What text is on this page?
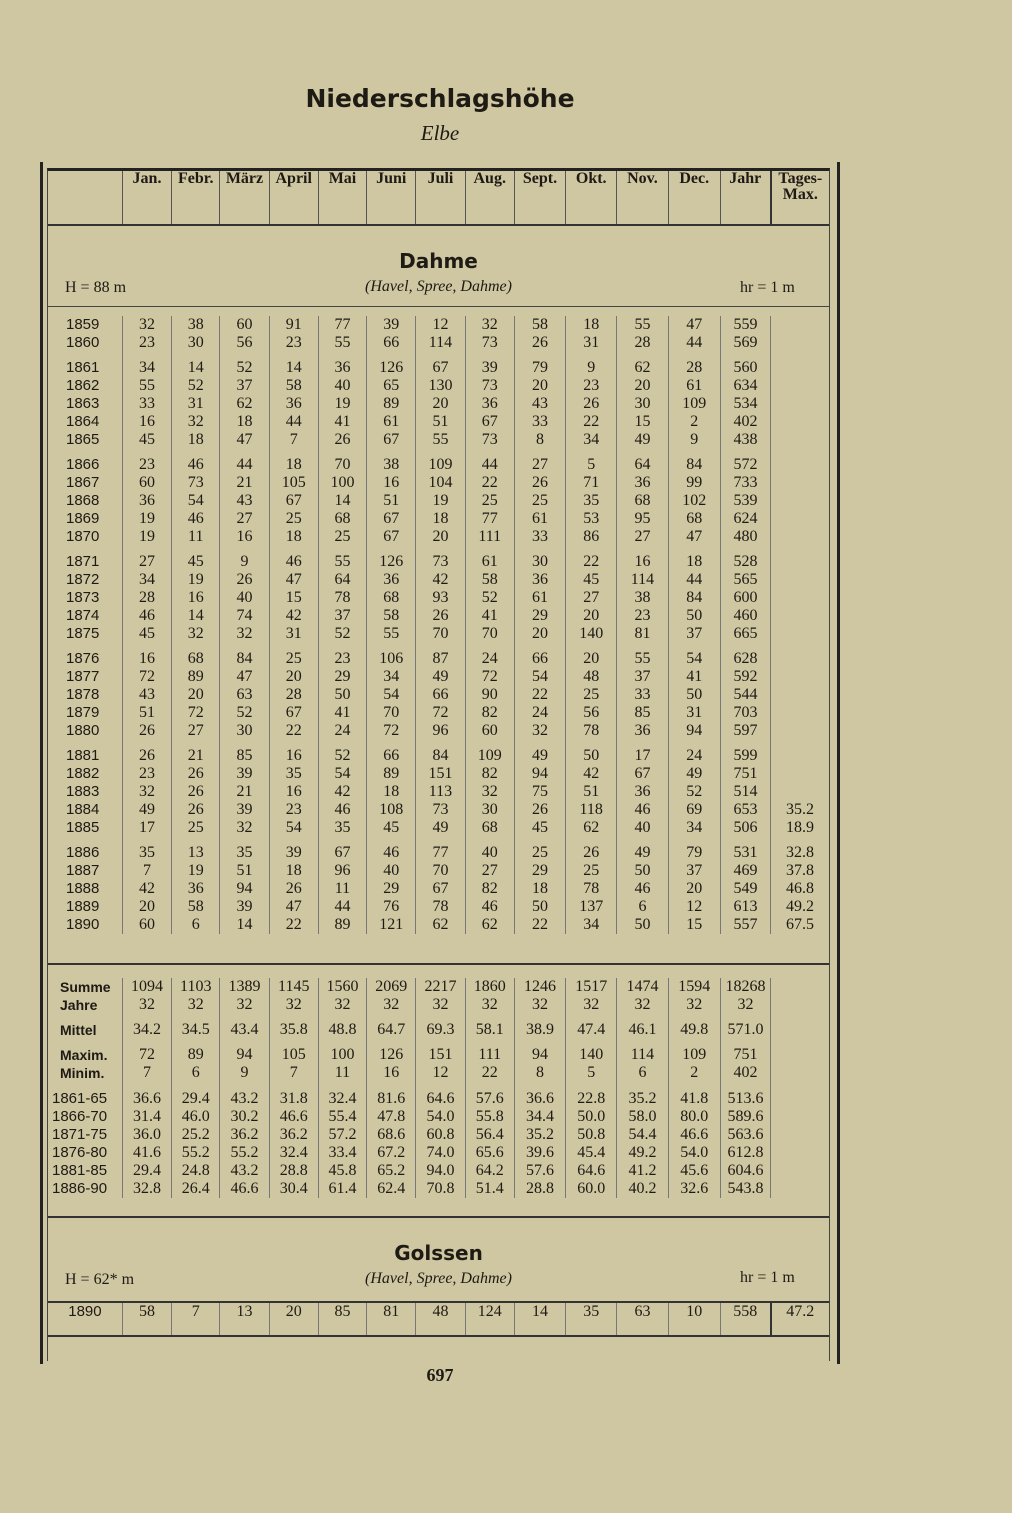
Niederschlagshöhe
Elbe
	Jan.	Febr.	März	April	Mai	Juni	Juli	Aug.	Sept.	Okt.	Nov.	Dec.	Jahr	Tages-Max.
Dahme
H = 88 m	(Havel, Spree, Dahme)	hr = 1 m
1859	32	38	60	91	77	39	12	32	58	18	55	47	559	
1860	23	30	56	23	55	66	114	73	26	31	28	44	569	
1861	34	14	52	14	36	126	67	39	79	9	62	28	560	
1862	55	52	37	58	40	65	130	73	20	23	20	61	634	
1863	33	31	62	36	19	89	20	36	43	26	30	109	534	
1864	16	32	18	44	41	61	51	67	33	22	15	2	402	
1865	45	18	47	7	26	67	55	73	8	34	49	9	438	
1866	23	46	44	18	70	38	109	44	27	5	64	84	572	
1867	60	73	21	105	100	16	104	22	26	71	36	99	733	
1868	36	54	43	67	14	51	19	25	25	35	68	102	539	
1869	19	46	27	25	68	67	18	77	61	53	95	68	624	
1870	19	11	16	18	25	67	20	111	33	86	27	47	480	
1871	27	45	9	46	55	126	73	61	30	22	16	18	528	
1872	34	19	26	47	64	36	42	58	36	45	114	44	565	
1873	28	16	40	15	78	68	93	52	61	27	38	84	600	
1874	46	14	74	42	37	58	26	41	29	20	23	50	460	
1875	45	32	32	31	52	55	70	70	20	140	81	37	665	
1876	16	68	84	25	23	106	87	24	66	20	55	54	628	
1877	72	89	47	20	29	34	49	72	54	48	37	41	592	
1878	43	20	63	28	50	54	66	90	22	25	33	50	544	
1879	51	72	52	67	41	70	72	82	24	56	85	31	703	
1880	26	27	30	22	24	72	96	60	32	78	36	94	597	
1881	26	21	85	16	52	66	84	109	49	50	17	24	599	
1882	23	26	39	35	54	89	151	82	94	42	67	49	751	
1883	32	26	21	16	42	18	113	32	75	51	36	52	514	
1884	49	26	39	23	46	108	73	30	26	118	46	69	653	35.2
1885	17	25	32	54	35	45	49	68	45	62	40	34	506	18.9
1886	35	13	35	39	67	46	77	40	25	26	49	79	531	32.8
1887	7	19	51	18	96	40	70	27	29	25	50	37	469	37.8
1888	42	36	94	26	11	29	67	82	18	78	46	20	549	46.8
1889	20	58	39	47	44	76	78	46	50	137	6	12	613	49.2
1890	60	6	14	22	89	121	62	62	22	34	50	15	557	67.5
Summe	1094	1103	1389	1145	1560	2069	2217	1860	1246	1517	1474	1594	18268	
Jahre	32	32	32	32	32	32	32	32	32	32	32	32	32	
Mittel	34.2	34.5	43.4	35.8	48.8	64.7	69.3	58.1	38.9	47.4	46.1	49.8	571.0	
Maxim.	72	89	94	105	100	126	151	111	94	140	114	109	751	
Minim.	7	6	9	7	11	16	12	22	8	5	6	2	402	
1861-65	36.6	29.4	43.2	31.8	32.4	81.6	64.6	57.6	36.6	22.8	35.2	41.8	513.6	
1866-70	31.4	46.0	30.2	46.6	55.4	47.8	54.0	55.8	34.4	50.0	58.0	80.0	589.6	
1871-75	36.0	25.2	36.2	36.2	57.2	68.6	60.8	56.4	35.2	50.8	54.4	46.6	563.6	
1876-80	41.6	55.2	55.2	32.4	33.4	67.2	74.0	65.6	39.6	45.4	49.2	54.0	612.8	
1881-85	29.4	24.8	43.2	28.8	45.8	65.2	94.0	64.2	57.6	64.6	41.2	45.6	604.6	
1886-90	32.8	26.4	46.6	30.4	61.4	62.4	70.8	51.4	28.8	60.0	40.2	32.6	543.8	
Golssen
H = 62* m	(Havel, Spree, Dahme)	hr = 1 m
1890	58	7	13	20	85	81	48	124	14	35	63	10	558	47.2
697
